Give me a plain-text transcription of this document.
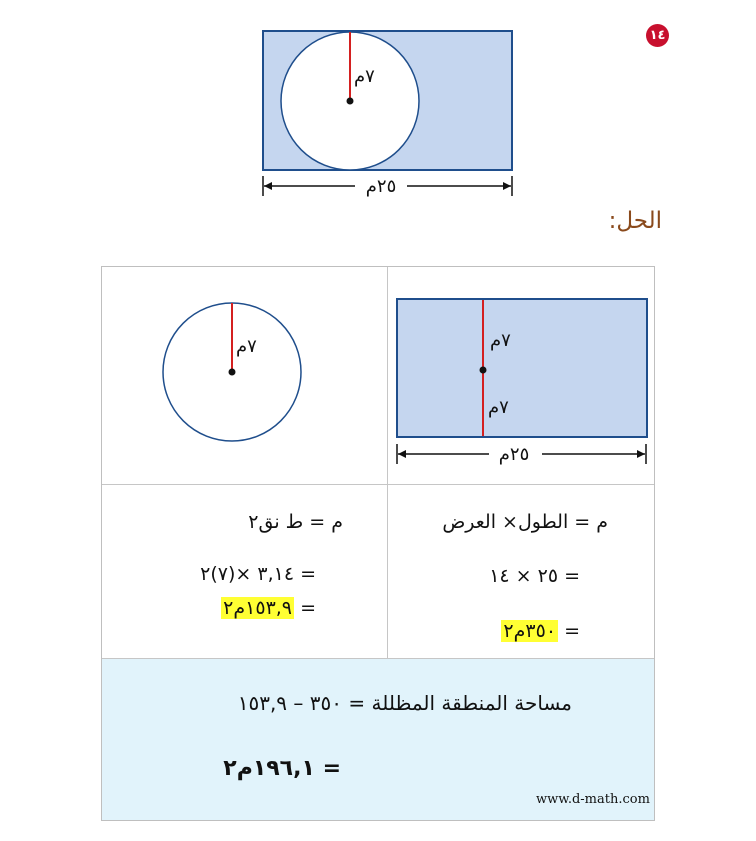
١٤
٧م
٢٥م
الحل:
٧م
٧م
٢٥م
٧م
م = الطول× العرض
= ٢٥ × ١٤
= ٣٥٠م٢
م = ط نق٢
= ٣,١٤ ×(٧)٢
= ١٥٣,٩م٢
مساحة المنطقة المظللة = ٣٥٠ – ١٥٣,٩
= ١٩٦,١م٢
www.d-math.com
